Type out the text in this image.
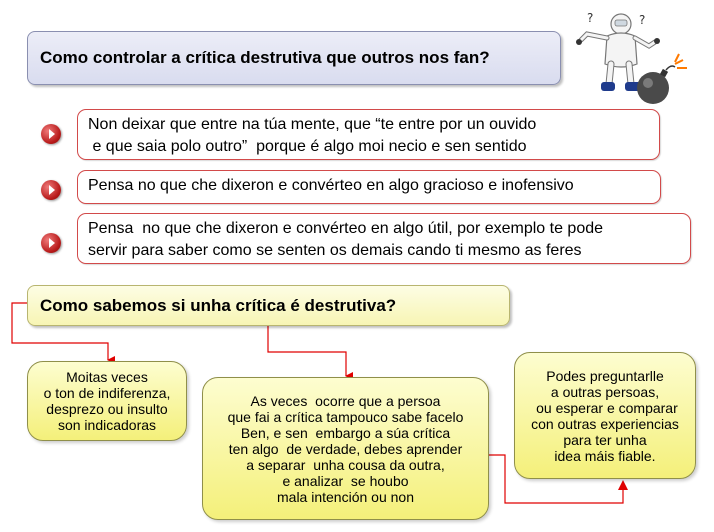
Como controlar a crítica destrutiva que outros nos fan?
?	?
Non deixar que entre na túa mente, que “te entre por un ouvido
e que saia polo outro”  porque é algo moi necio e sen sentido
Pensa no que che dixeron e convérteo en algo gracioso e inofensivo
Pensa  no que che dixeron e convérteo en algo útil, por exemplo te pode
servir para saber como se senten os demais cando ti mesmo as feres
Como sabemos si unha crítica é destrutiva?
Moitas veces
o ton de indiferenza,
desprezo ou insulto
son indicadoras
As veces  ocorre que a persoa
que fai a crítica tampouco sabe facelo
Ben, e sen  embargo a súa crítica
ten algo  de verdade, debes aprender
a separar  unha cousa da outra,
e analizar  se houbo
mala intención ou non
Podes preguntarlle
a outras persoas,
ou esperar e comparar
con outras experiencias
para ter unha
idea máis fiable.
